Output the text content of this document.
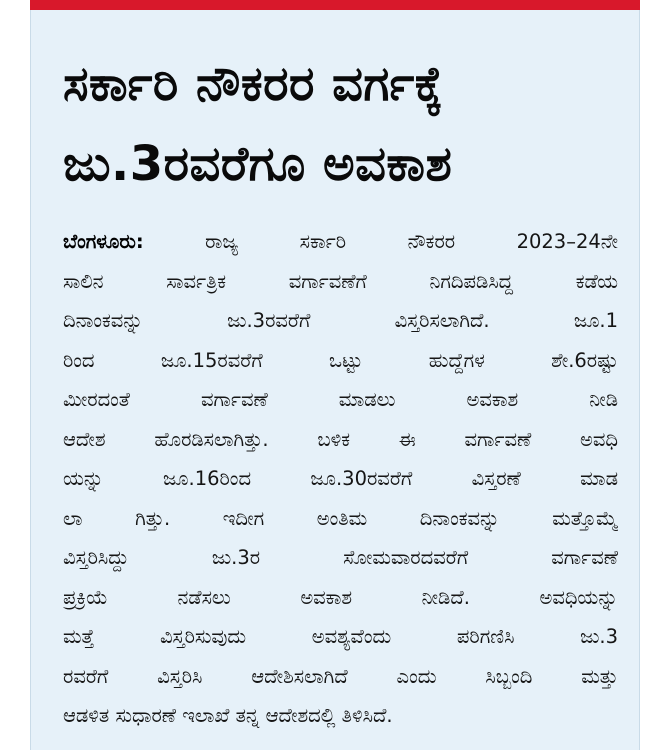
ಸರ್ಕಾರಿ ನೌಕರರ ವರ್ಗಕ್ಕೆ
ಜು.3ರವರೆಗೂ ಅವಕಾಶ
ಬೆಂಗಳೂರು:	ರಾಜ್ಯ ಸರ್ಕಾರಿ ನೌಕರರ 2023–24ನೇ
ಸಾಲಿನ ಸಾರ್ವತ್ರಿಕ ವರ್ಗಾವಣೆಗೆ ನಿಗದಿಪಡಿಸಿದ್ದ ಕಡೆಯ
ದಿನಾಂಕವನ್ನು ಜು.3ರವರೆಗೆ ವಿಸ್ತರಿಸಲಾಗಿದೆ. ಜೂ.1
ರಿಂದ ಜೂ.15ರವರೆಗೆ ಒಟ್ಟು ಹುದ್ದೆಗಳ ಶೇ.6ರಷ್ಟು
ಮೀರದಂತೆ ವರ್ಗಾವಣೆ ಮಾಡಲು ಅವಕಾಶ ನೀಡಿ
ಆದೇಶ ಹೊರಡಿಸಲಾಗಿತ್ತು. ಬಳಿಕ ಈ ವರ್ಗಾವಣೆ ಅವಧಿ
ಯನ್ನು ಜೂ.16ರಿಂದ ಜೂ.30ರವರೆಗೆ ವಿಸ್ತರಣೆ ಮಾಡ
ಲಾ ಗಿತ್ತು. ಇದೀಗ ಅಂತಿಮ ದಿನಾಂಕವನ್ನು ಮತ್ತೊಮ್ಮೆ
ವಿಸ್ತರಿಸಿದ್ದು ಜು.3ರ ಸೋಮವಾರದವರೆಗೆ ವರ್ಗಾವಣೆ
ಪ್ರಕ್ರಿಯೆ ನಡೆಸಲು ಅವಕಾಶ ನೀಡಿದೆ. ಅವಧಿಯನ್ನು
ಮತ್ತೆ ವಿಸ್ತರಿಸುವುದು ಅವಶ್ಯವೆಂದು ಪರಿಗಣಿಸಿ ಜು.3
ರವರೆಗೆ ವಿಸ್ತರಿಸಿ ಆದೇಶಿಸಲಾಗಿದೆ ಎಂದು ಸಿಬ್ಬಂದಿ ಮತ್ತು
ಆಡಳಿತ ಸುಧಾರಣೆ ಇಲಾಖೆ ತನ್ನ ಆದೇಶದಲ್ಲಿ ತಿಳಿಸಿದೆ.
